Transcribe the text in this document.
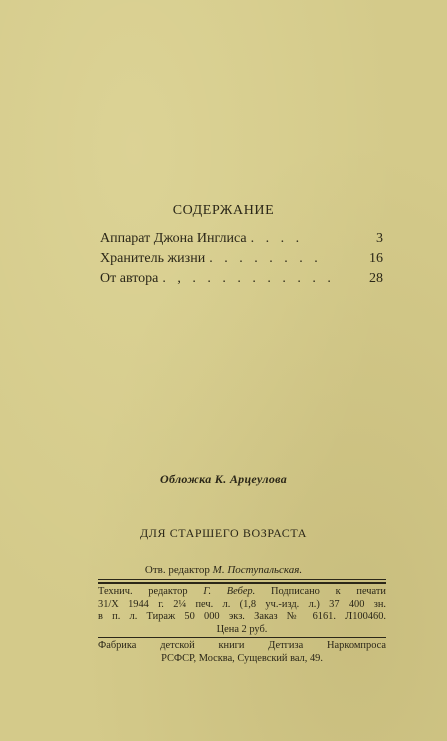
СОДЕРЖАНИЕ
Аппарат Джона Инглиса . . . .	3
Хранитель жизни . . . . . . . .	16
От автора . , . . . . . . . . . .	28
Обложка К. Арцеулова
ДЛЯ СТАРШЕГО ВОЗРАСТА
Отв. редактор М. Поступальская.
Технич. редактор Г. Вебер. Подписано к печати
31/X 1944 г. 2¼ печ. л. (1,8 уч.-изд. л.) 37 400 зн.
в п. л. Тираж 50 000 экз. Заказ № 6161. Л100460.
Цена 2 руб.
Фабрика детской книги Детгиза Наркомпроса
РСФСР, Москва, Сущевский вал, 49.
